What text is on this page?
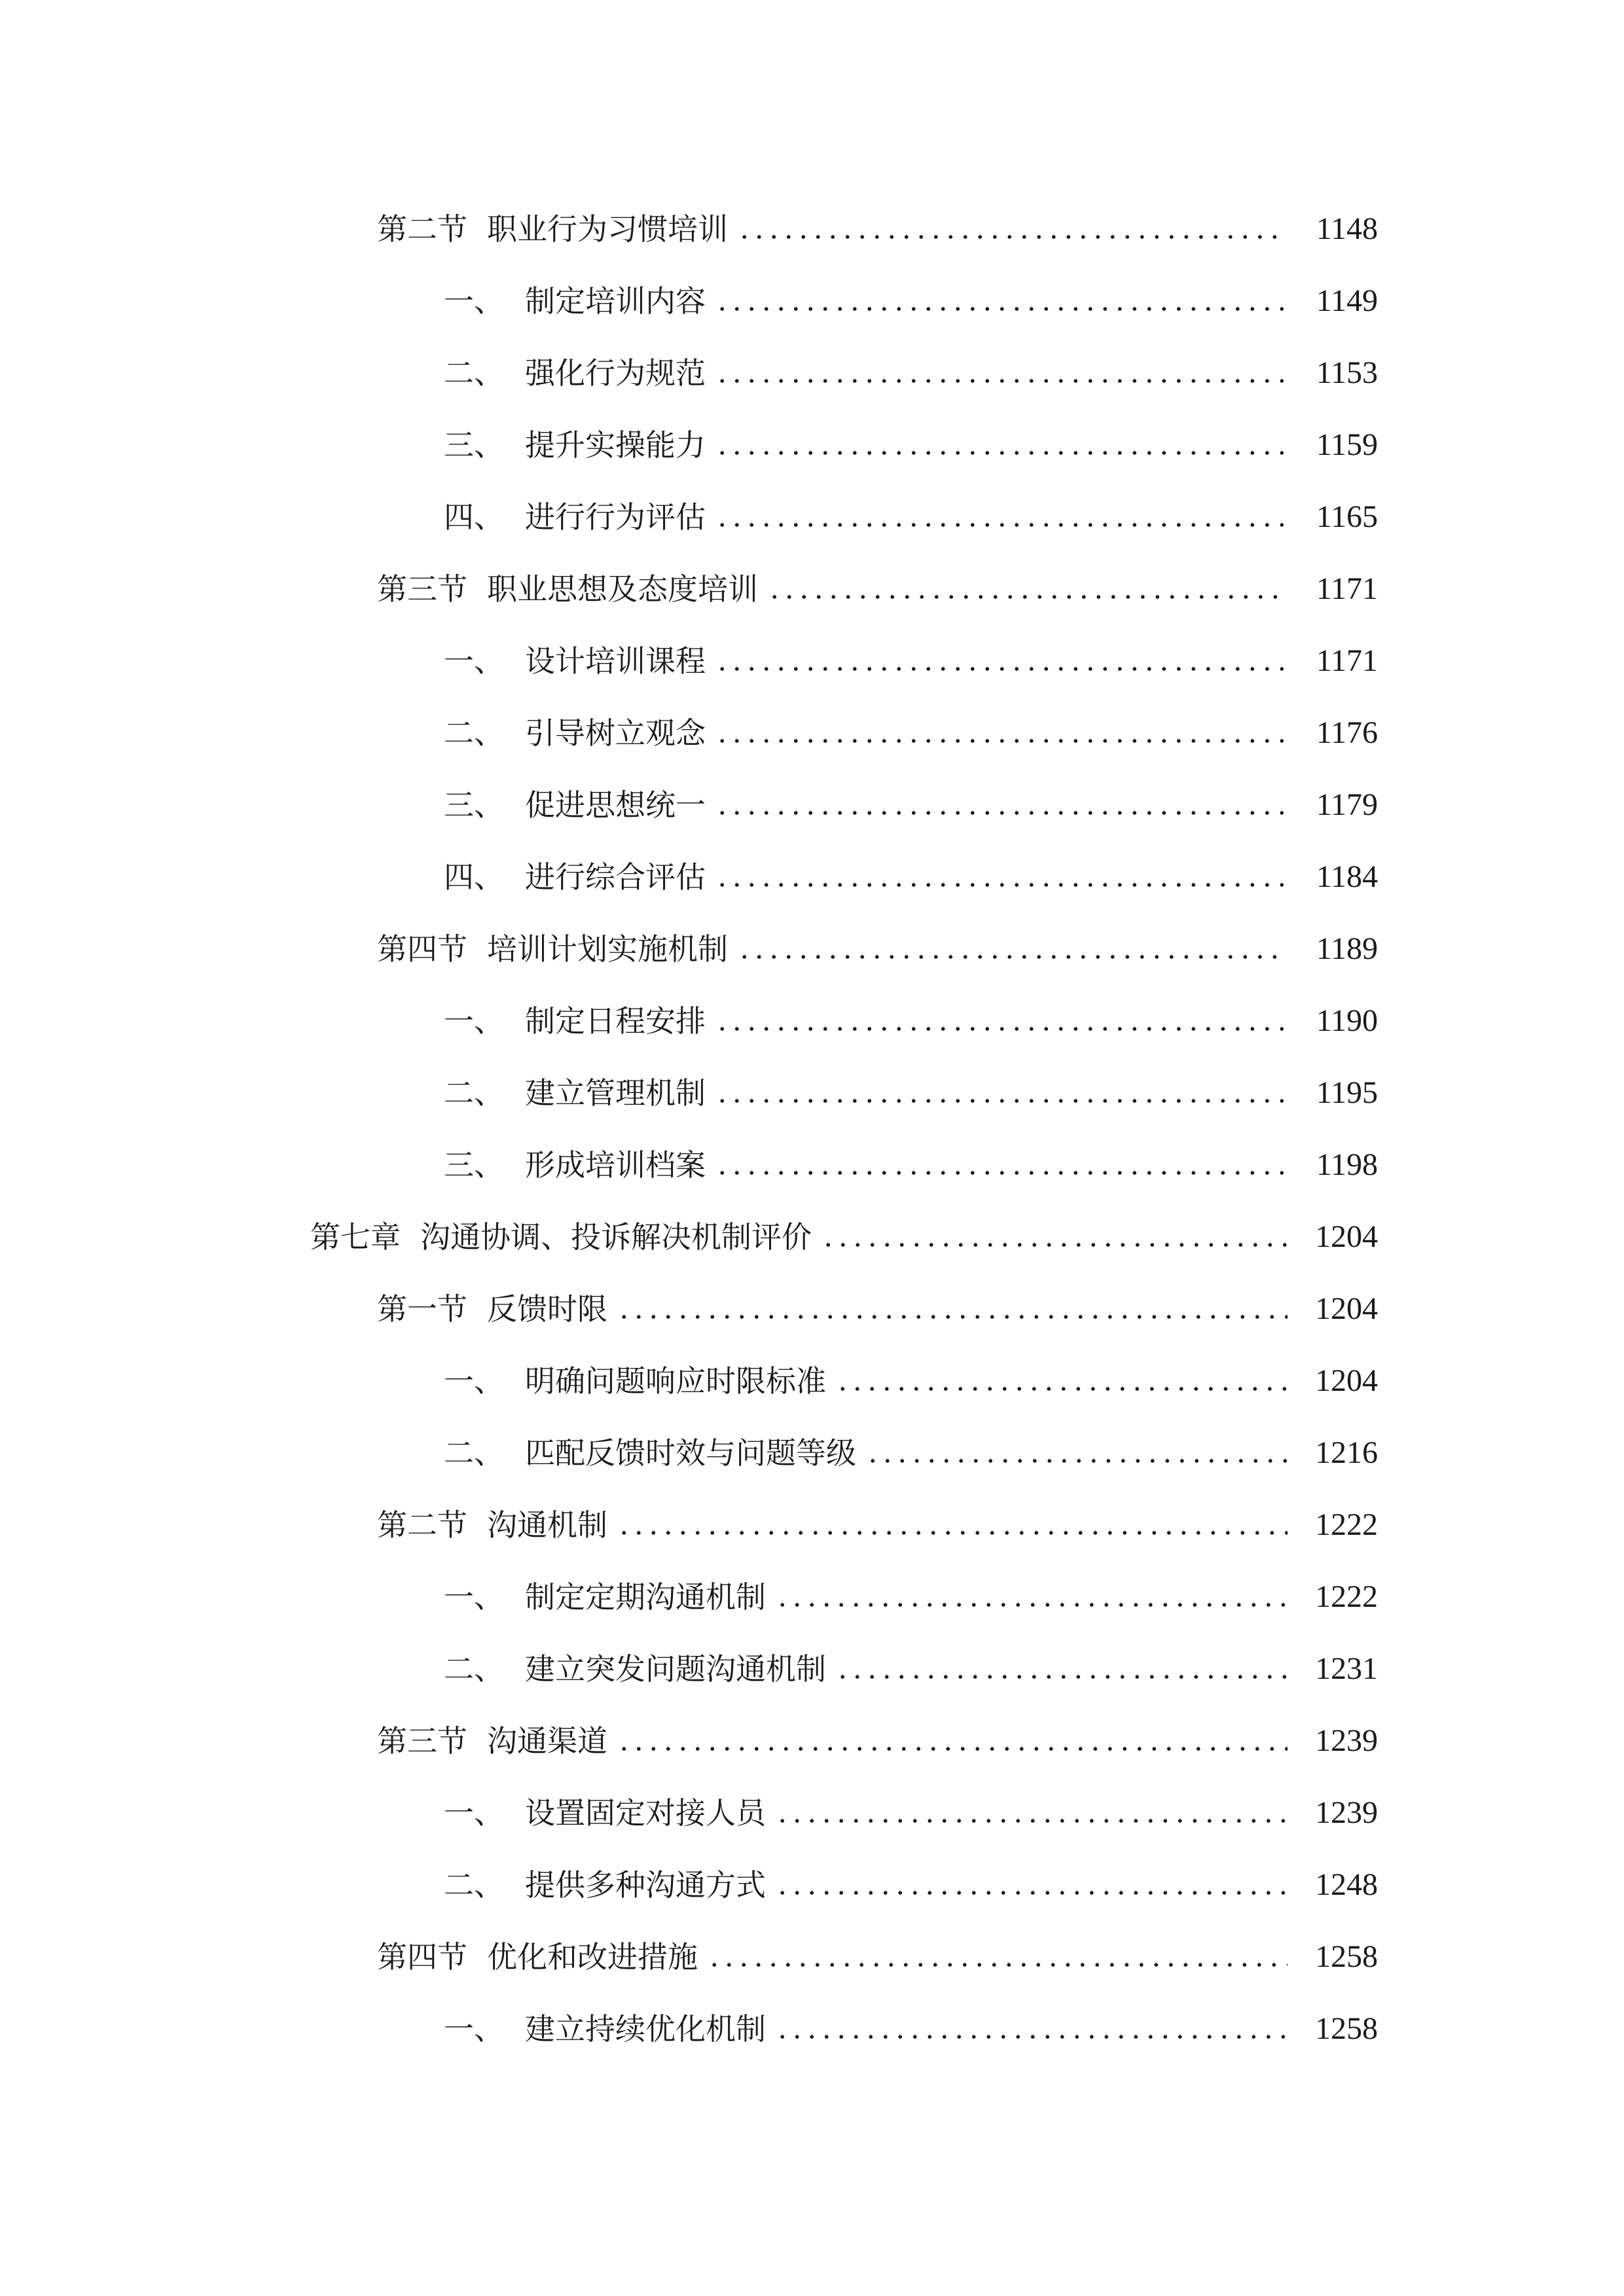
第二节 职业行为习惯培训	1148
一、 制定培训内容	1149
二、 强化行为规范	1153
三、 提升实操能力	1159
四、 进行行为评估	1165
第三节 职业思想及态度培训	1171
一、 设计培训课程	1171
二、 引导树立观念	1176
三、 促进思想统一	1179
四、 进行综合评估	1184
第四节 培训计划实施机制	1189
一、 制定日程安排	1190
二、 建立管理机制	1195
三、 形成培训档案	1198
第七章 沟通协调、投诉解决机制评价	1204
第一节 反馈时限	1204
一、 明确问题响应时限标准	1204
二、 匹配反馈时效与问题等级	1216
第二节 沟通机制	1222
一、 制定定期沟通机制	1222
二、 建立突发问题沟通机制	1231
第三节 沟通渠道	1239
一、 设置固定对接人员	1239
二、 提供多种沟通方式	1248
第四节 优化和改进措施	1258
一、 建立持续优化机制	1258
